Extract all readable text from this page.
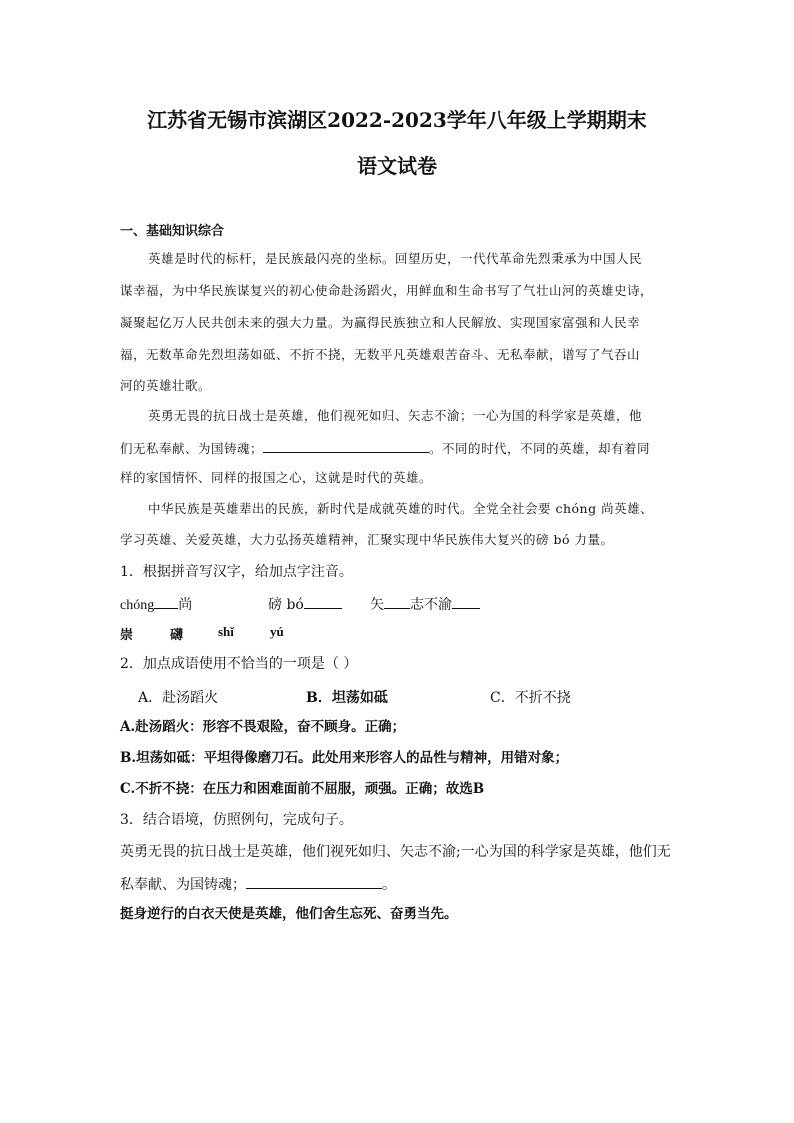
江苏省无锡市滨湖区2022-2023学年八年级上学期期末
语文试卷
一、基础知识综合
英雄是时代的标杆，是民族最闪亮的坐标。回望历史，一代代革命先烈秉承为中国人民
谋幸福，为中华民族谋复兴的初心使命赴汤蹈火，用鲜血和生命书写了气壮山河的英雄史诗，
凝聚起亿万人民共创未来的强大力量。为赢得民族独立和人民解放、实现国家富强和人民幸
福，无数革命先烈坦荡如砥、不折不挠，无数平凡英雄艰苦奋斗、无私奉献，谱写了气吞山
河的英雄壮歌。
英勇无畏的抗日战士是英雄，他们视死如归、矢志不渝；一心为国的科学家是英雄，他
们无私奉献、为国铸魂；	。不同的时代，不同的英雄，却有着同
样的家国情怀、同样的报国之心，这就是时代的英雄。
中华民族是英雄辈出的民族，新时代是成就英雄的时代。全党全社会要 chóng 尚英雄、
学习英雄、关爱英雄，大力弘扬英雄精神，汇聚实现中华民族伟大复兴的磅 bó 力量。
1．根据拼音写汉字，给加点字注音。
chóng 尚	磅 bó	矢 志不渝
崇	礴	shǐ	yú
2．加点成语使用不恰当的一项是（ ）
A．赴汤蹈火	B．坦荡如砥	C．不折不挠
A.赴汤蹈火：形容不畏艰险，奋不顾身。正确；
B.坦荡如砥：平坦得像磨刀石。此处用来形容人的品性与精神，用错对象；
C.不折不挠：在压力和困难面前不屈服，顽强。正确；故选B
3．结合语境，仿照例句，完成句子。
英勇无畏的抗日战士是英雄，他们视死如归、矢志不渝;一心为国的科学家是英雄，他们无
私奉献、为国铸魂；	。
挺身逆行的白衣天使是英雄，他们舍生忘死、奋勇当先。
